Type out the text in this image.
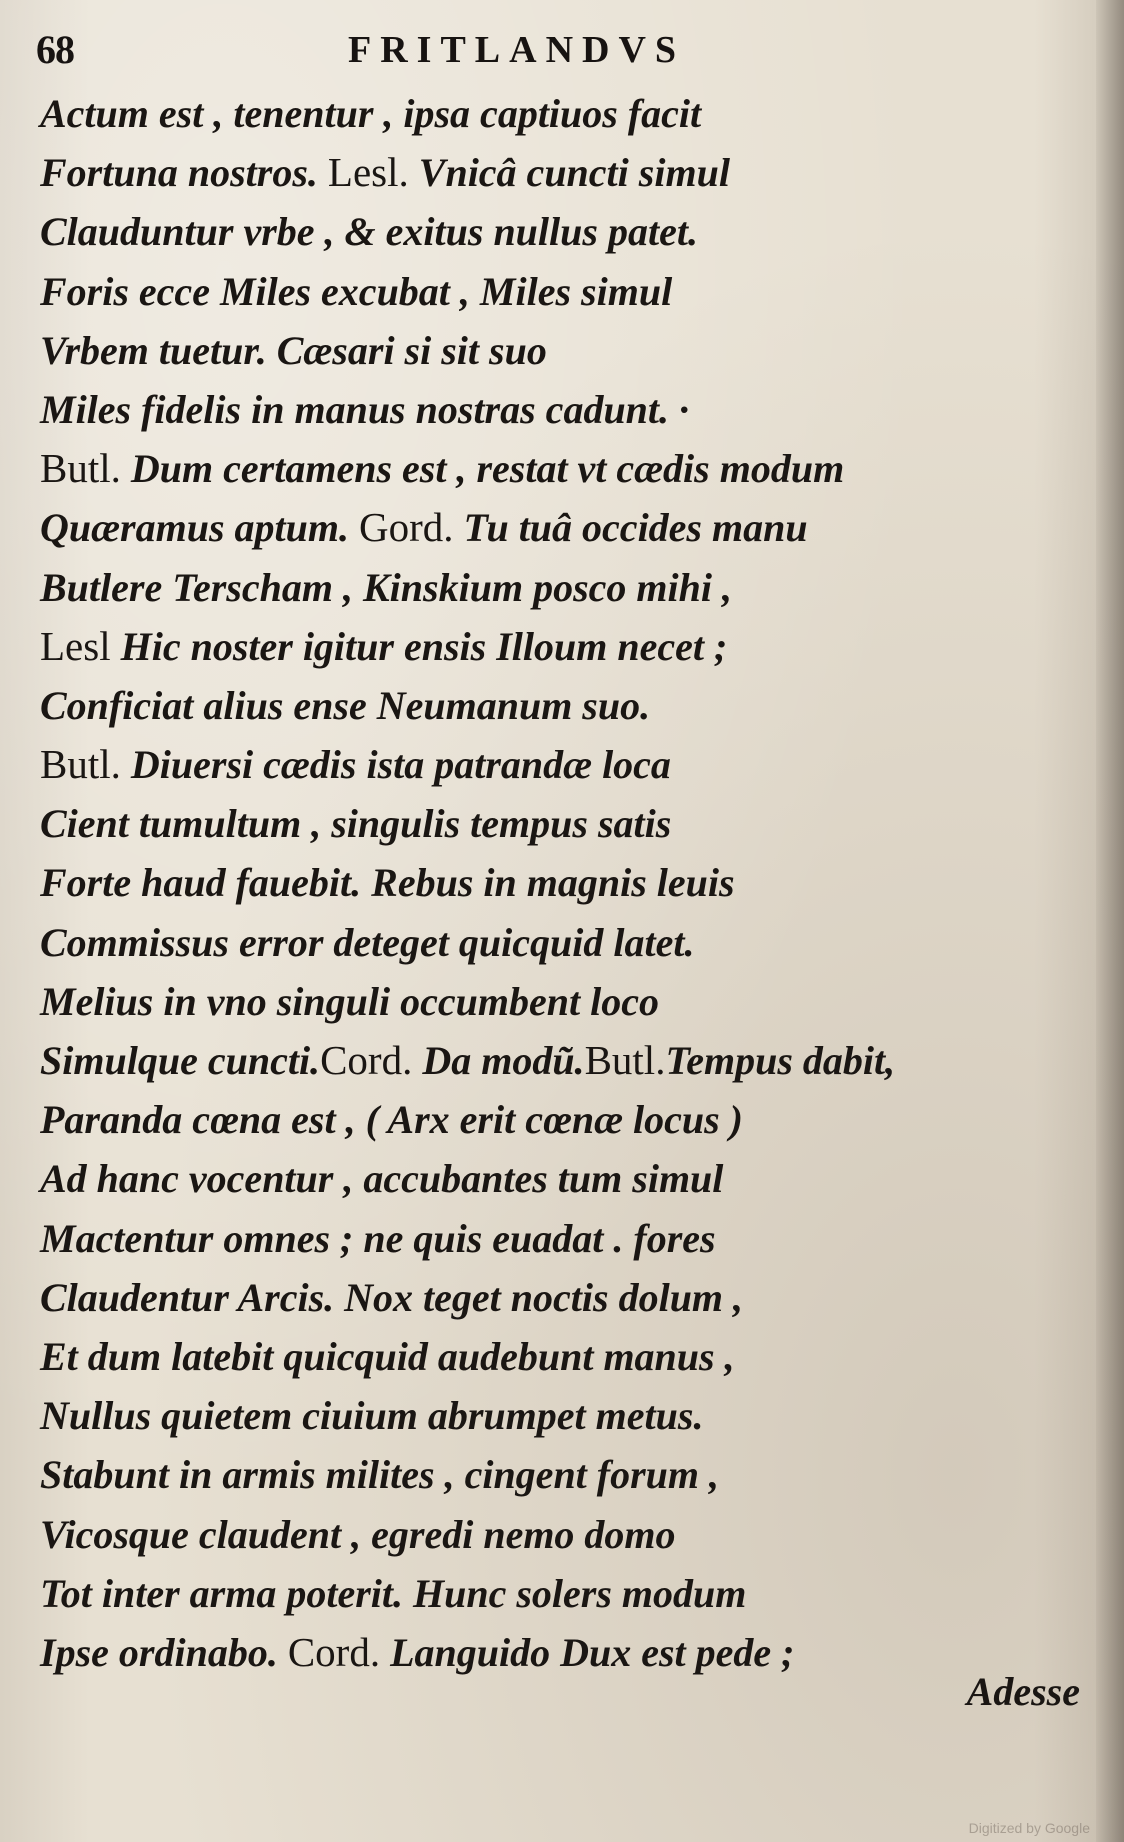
68	FRITLANDVS
Actum est , tenentur , ipsa captiuos facit
Fortuna nostros. Lesl. Vnicâ cuncti simul
Clauduntur vrbe , & exitus nullus patet.
Foris ecce Miles excubat , Miles simul
Vrbem tuetur. Cæsari si sit suo
Miles fidelis in manus nostras cadunt. ·
Butl. Dum certamens est , restat vt cædis modum
Quæramus aptum. Gord. Tu tuâ occides manu
Butlere Terscham , Kinskium posco mihi ,
Lesl Hic noster igitur ensis Illoum necet ;
Conficiat alius ense Neumanum suo.
Butl. Diuersi cædis ista patrandæ loca
Cient tumultum , singulis tempus satis
Forte haud fauebit. Rebus in magnis leuis
Commissus error deteget quicquid latet.
Melius in vno singuli occumbent loco
Simulque cuncti.Cord. Da modũ.Butl.Tempus dabit,
Paranda cœna est , ( Arx erit cœnæ locus )
Ad hanc vocentur , accubantes tum simul
Mactentur omnes ; ne quis euadat . fores
Claudentur Arcis. Nox teget noctis dolum ,
Et dum latebit quicquid audebunt manus ,
Nullus quietem ciuium abrumpet metus.
Stabunt in armis milites , cingent forum ,
Vicosque claudent , egredi nemo domo
Tot inter arma poterit. Hunc solers modum
Ipse ordinabo. Cord. Languido Dux est pede ;
Adesse
Digitized by Google
